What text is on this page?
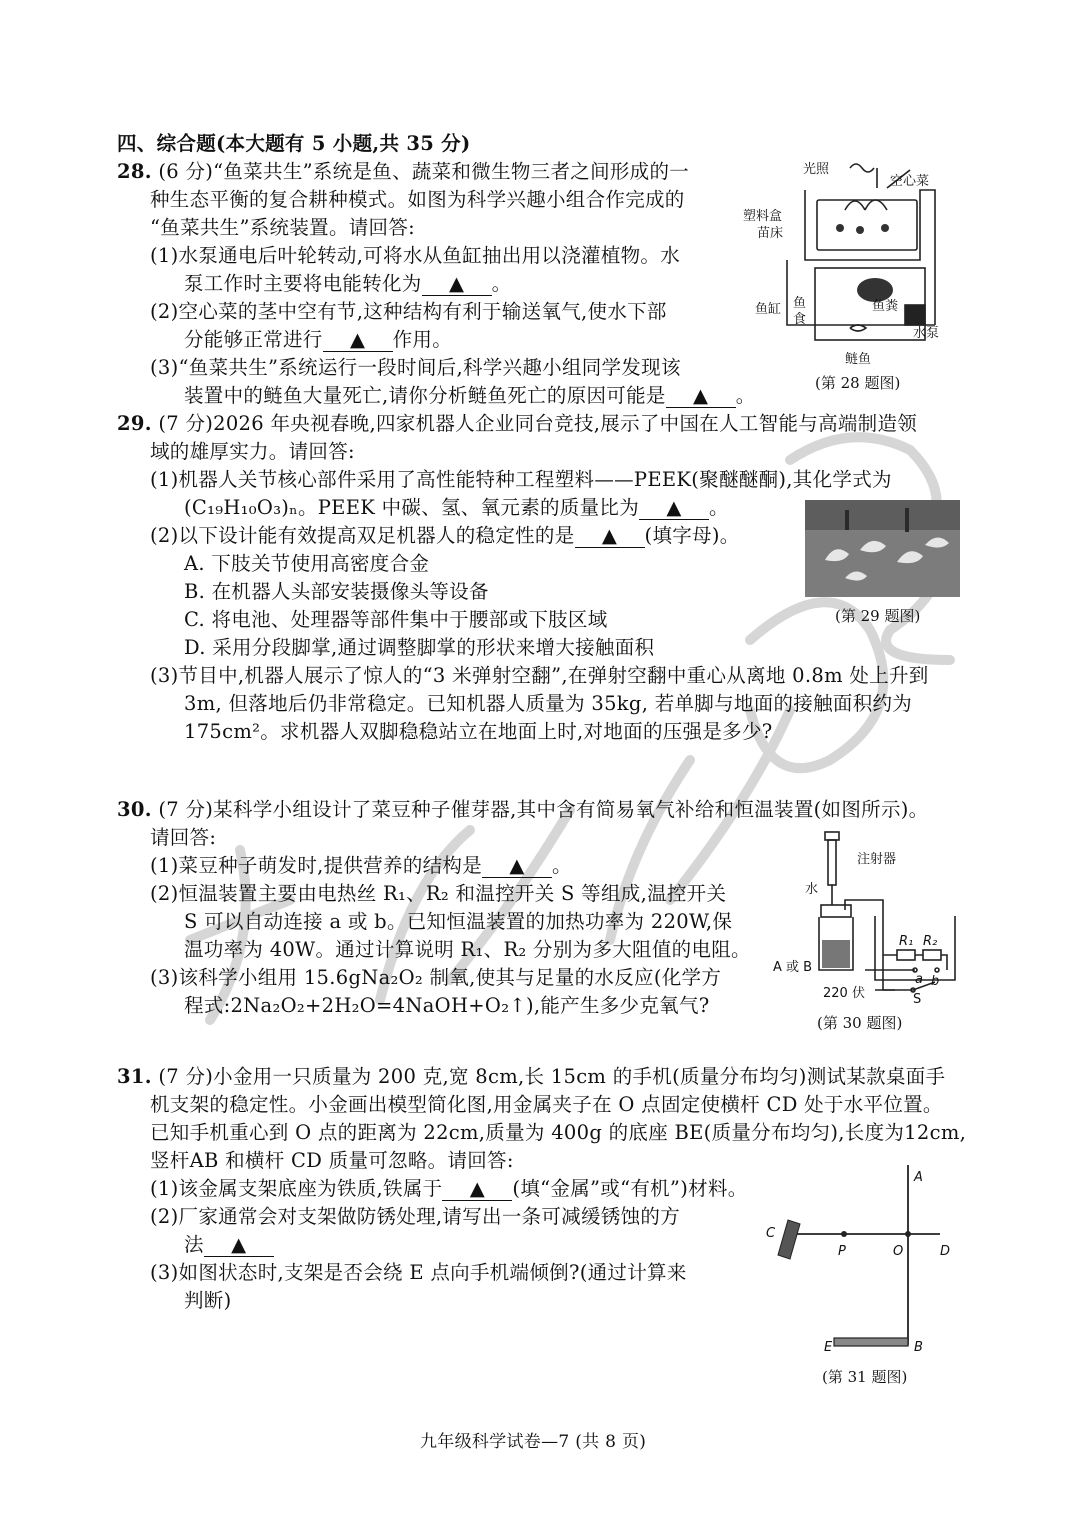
四、综合题(本大题有 5 小题,共 35 分)
28. (6 分)“鱼菜共生”系统是鱼、蔬菜和微生物三者之间形成的一
种生态平衡的复合耕种模式。如图为科学兴趣小组合作完成的
“鱼菜共生”系统装置。请回答:
(1)水泵通电后叶轮转动,可将水从鱼缸抽出用以浇灌植物。水
泵工作时主要将电能转化为 ▲ 。
(2)空心菜的茎中空有节,这种结构有利于输送氧气,使水下部
分能够正常进行 ▲ 作用。
(3)“鱼菜共生”系统运行一段时间后,科学兴趣小组同学发现该
装置中的鲢鱼大量死亡,请你分析鲢鱼死亡的原因可能是 ▲ 。
光照
空心菜
塑料盒
苗床
鱼缸 鱼
食
鱼粪
水泵
鲢鱼
(第 28 题图)
29. (7 分)2026 年央视春晚,四家机器人企业同台竞技,展示了中国在人工智能与高端制造领
域的雄厚实力。请回答:
(1)机器人关节核心部件采用了高性能特种工程塑料——PEEK(聚醚醚酮),其化学式为
(C₁₉H₁₀O₃)ₙ。PEEK 中碳、氢、氧元素的质量比为 ▲ 。
(2)以下设计能有效提高双足机器人的稳定性的是 ▲ (填字母)。
A. 下肢关节使用高密度合金
B. 在机器人头部安装摄像头等设备
C. 将电池、处理器等部件集中于腰部或下肢区域
D. 采用分段脚掌,通过调整脚掌的形状来增大接触面积
(3)节目中,机器人展示了惊人的“3 米弹射空翻”,在弹射空翻中重心从离地 0.8m 处上升到
3m, 但落地后仍非常稳定。已知机器人质量为 35kg, 若单脚与地面的接触面积约为
175cm²。求机器人双脚稳稳站立在地面上时,对地面的压强是多少?
(第 29 题图)
30. (7 分)某科学小组设计了菜豆种子催芽器,其中含有简易氧气补给和恒温装置(如图所示)。
请回答:
(1)菜豆种子萌发时,提供营养的结构是 ▲ 。
(2)恒温装置主要由电热丝 R₁、R₂ 和温控开关 S 等组成,温控开关
S 可以自动连接 a 或 b。已知恒温装置的加热功率为 220W,保
温功率为 40W。通过计算说明 R₁、R₂ 分别为多大阻值的电阻。
(3)该科学小组用 15.6gNa₂O₂ 制氧,使其与足量的水反应(化学方
程式:2Na₂O₂+2H₂O=4NaOH+O₂↑),能产生多少克氧气?
注射器
水
A 或 B
R₁ R₂
220 伏
a b
S
(第 30 题图)
31. (7 分)小金用一只质量为 200 克,宽 8cm,长 15cm 的手机(质量分布均匀)测试某款桌面手
机支架的稳定性。小金画出模型简化图,用金属夹子在 O 点固定使横杆 CD 处于水平位置。
已知手机重心到 O 点的距离为 22cm,质量为 400g 的底座 BE(质量分布均匀),长度为12cm,
竖杆AB 和横杆 CD 质量可忽略。请回答:
(1)该金属支架底座为铁质,铁属于 ▲ (填“金属”或“有机”)材料。
(2)厂家通常会对支架做防锈处理,请写出一条可减缓锈蚀的方
法 ▲
(3)如图状态时,支架是否会绕 E 点向手机端倾倒?(通过计算来
判断)
A
C
P	O	D
E	B
(第 31 题图)
九年级科学试卷—7 (共 8 页)
